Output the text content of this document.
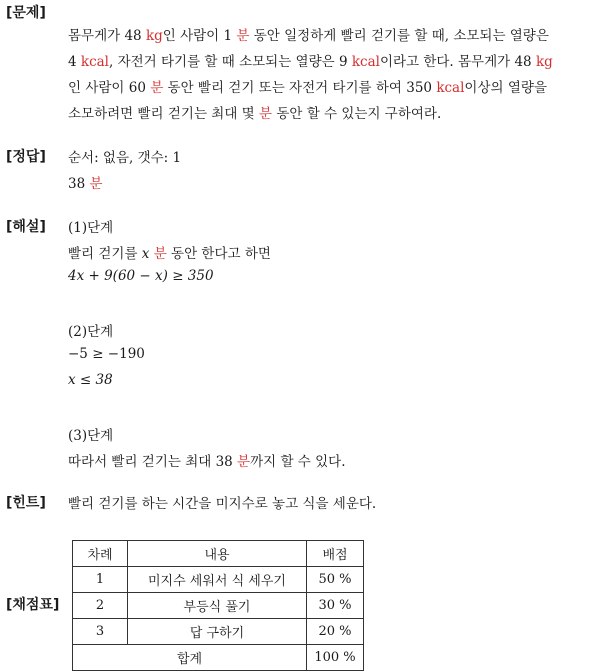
[문제]
[정답]
[해설]
[힌트]
[채점표]
몸무게가 48 kg인 사람이 1 분 동안 일정하게 빨리 걷기를 할 때, 소모되는 열량은
4 kcal, 자전거 타기를 할 때 소모되는 열량은 9 kcal이라고 한다. 몸무게가 48 kg
인 사람이 60 분 동안 빨리 걷기 또는 자전거 타기를 하여 350 kcal이상의 열량을
소모하려면 빨리 걷기는 최대 몇 분 동안 할 수 있는지 구하여라.
순서: 없음, 갯수: 1
38 분
(1)단계
빨리 걷기를 x 분 동안 한다고 하면
4x + 9(60 − x) ≥ 350
(2)단계
−5 ≥ −190
x ≤ 38
(3)단계
따라서 빨리 걷기는 최대 38 분까지 할 수 있다.
빨리 걷기를 하는 시간을 미지수로 놓고 식을 세운다.
차례	내용	배점
1	미지수 세워서 식 세우기	50 %
2	부등식 풀기	30 %
3	답 구하기	20 %
합계		100 %
